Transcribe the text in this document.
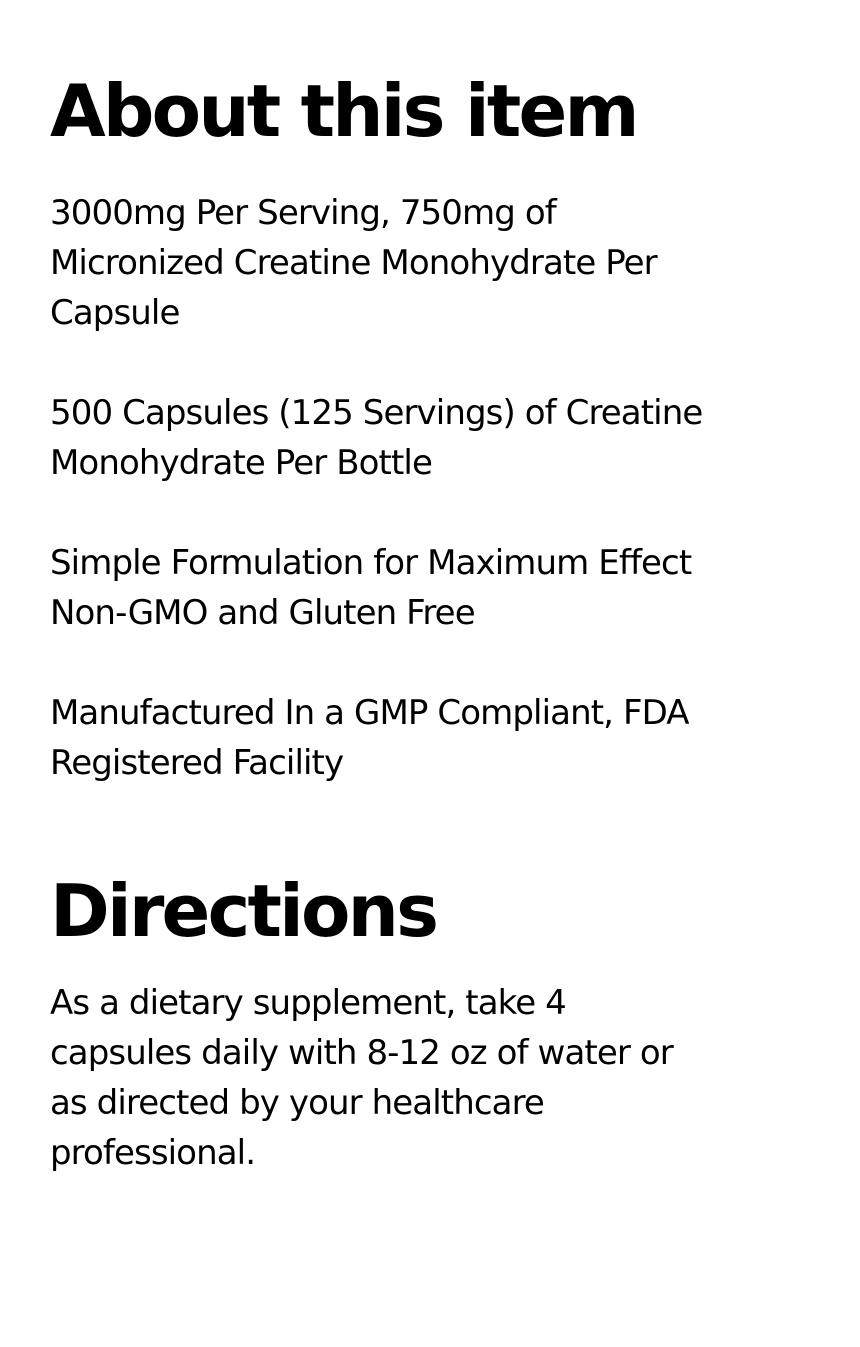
About this item

3000mg Per Serving, 750mg of
Micronized Creatine Monohydrate Per
Capsule

500 Capsules (125 Servings) of Creatine
Monohydrate Per Bottle

Simple Formulation for Maximum Effect
Non-GMO and Gluten Free

Manufactured In a GMP Compliant, FDA
Registered Facility

Directions

As a dietary supplement, take 4
capsules daily with 8-12 oz of water or
as directed by your healthcare
professional.
